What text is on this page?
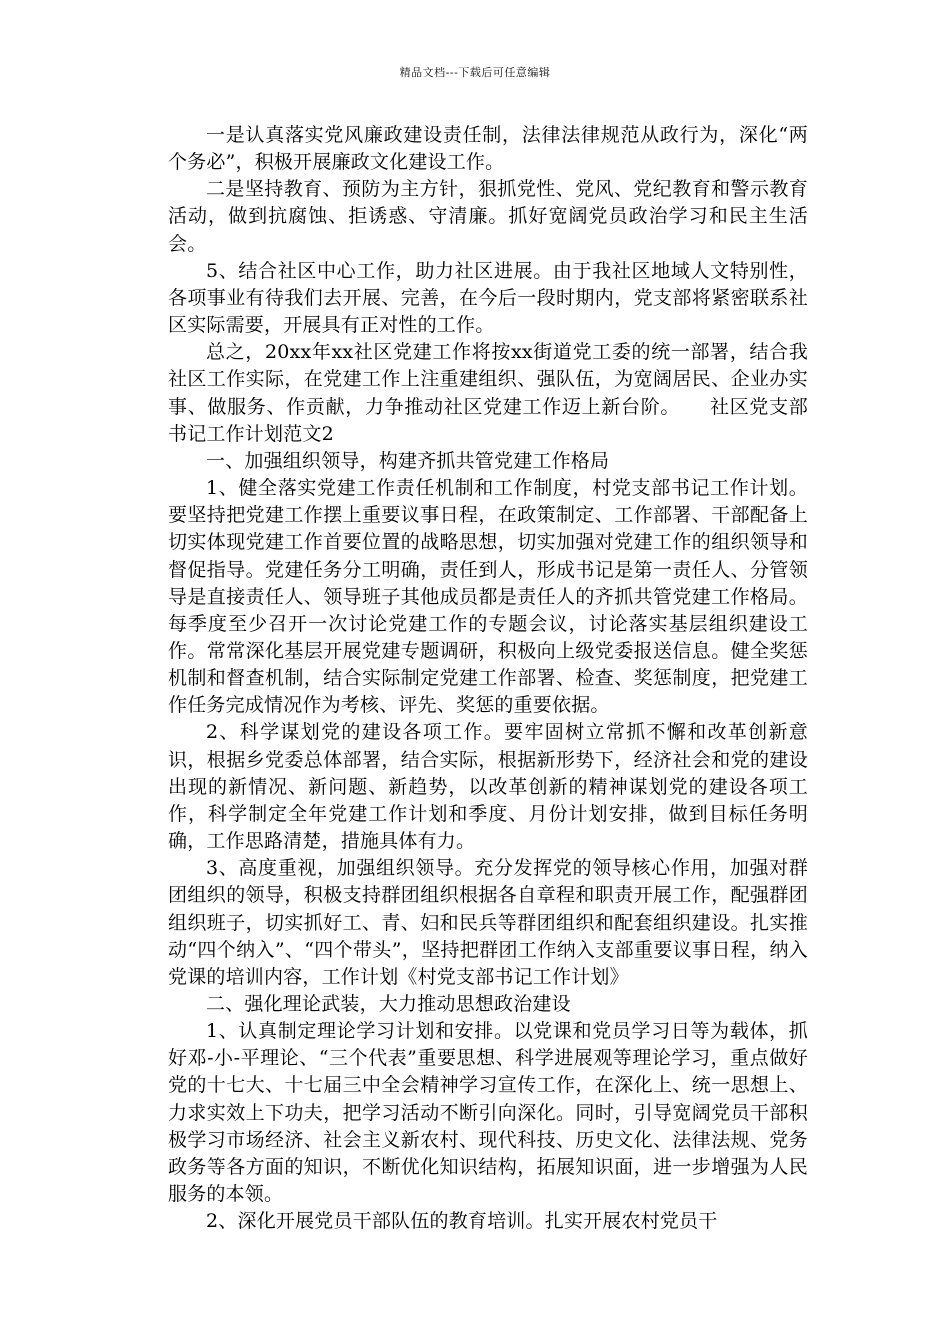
精品文档---下载后可任意编辑

一是认真落实党风廉政建设责任制，法律法律规范从政行为，深化“两个务必”，积极开展廉政文化建设工作。

二是坚持教育、预防为主方针，狠抓党性、党风、党纪教育和警示教育活动，做到抗腐蚀、拒诱惑、守清廉。抓好宽阔党员政治学习和民主生活会。

5、结合社区中心工作，助力社区进展。由于我社区地域人文特别性，各项事业有待我们去开展、完善，在今后一段时期内，党支部将紧密联系社区实际需要，开展具有正对性的工作。

总之，20xx年xx社区党建工作将按xx街道党工委的统一部署，结合我社区工作实际，在党建工作上注重建组织、强队伍，为宽阔居民、企业办实事、做服务、作贡献，力争推动社区党建工作迈上新台阶。　　社区党支部书记工作计划范文2

一、加强组织领导，构建齐抓共管党建工作格局

1、健全落实党建工作责任机制和工作制度，村党支部书记工作计划。要坚持把党建工作摆上重要议事日程，在政策制定、工作部署、干部配备上切实体现党建工作首要位置的战略思想，切实加强对党建工作的组织领导和督促指导。党建任务分工明确，责任到人，形成书记是第一责任人、分管领导是直接责任人、领导班子其他成员都是责任人的齐抓共管党建工作格局。每季度至少召开一次讨论党建工作的专题会议，讨论落实基层组织建设工作。常常深化基层开展党建专题调研，积极向上级党委报送信息。健全奖惩机制和督查机制，结合实际制定党建工作部署、检查、奖惩制度，把党建工作任务完成情况作为考核、评先、奖惩的重要依据。

2、科学谋划党的建设各项工作。要牢固树立常抓不懈和改革创新意识，根据乡党委总体部署，结合实际，根据新形势下，经济社会和党的建设出现的新情况、新问题、新趋势，以改革创新的精神谋划党的建设各项工作，科学制定全年党建工作计划和季度、月份计划安排，做到目标任务明确，工作思路清楚，措施具体有力。

3、高度重视，加强组织领导。充分发挥党的领导核心作用，加强对群团组织的领导，积极支持群团组织根据各自章程和职责开展工作，配强群团组织班子，切实抓好工、青、妇和民兵等群团组织和配套组织建设。扎实推动“四个纳入”、“四个带头”，坚持把群团工作纳入支部重要议事日程，纳入党课的培训内容，工作计划《村党支部书记工作计划》

二、强化理论武装，大力推动思想政治建设

1、认真制定理论学习计划和安排。以党课和党员学习日等为载体，抓好邓-小-平理论、“三个代表”重要思想、科学进展观等理论学习，重点做好党的十七大、十七届三中全会精神学习宣传工作，在深化上、统一思想上、力求实效上下功夫，把学习活动不断引向深化。同时，引导宽阔党员干部积极学习市场经济、社会主义新农村、现代科技、历史文化、法律法规、党务政务等各方面的知识，不断优化知识结构，拓展知识面，进一步增强为人民服务的本领。

2、深化开展党员干部队伍的教育培训。扎实开展农村党员干
